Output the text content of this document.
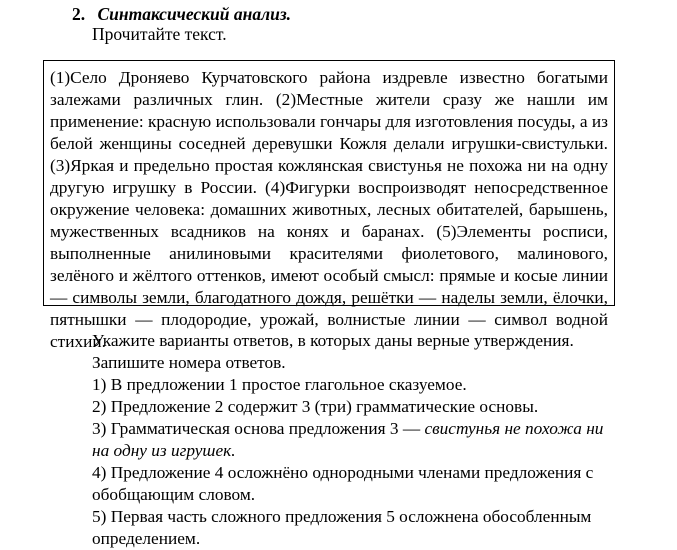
2. Синтаксический анализ.
Прочитайте текст.

(1)Село Дроняево Курчатовского района издревле известно богатыми залежами различных глин. (2)Местные жители сразу же нашли им применение: красную использовали гончары для изготовления посуды, а из белой женщины соседней деревушки Кожля делали игрушки-свистульки. (3)Яркая и предельно простая кожлянская свистунья не похожа ни на одну другую игрушку в России. (4)Фигурки воспроизводят непосредственное окружение человека: домашних животных, лесных обитателей, барышень, мужественных всадников на конях и баранах. (5)Элементы росписи, выполненные анилиновыми красителями фиолетового, малинового, зелёного и жёлтого оттенков, имеют особый смысл: прямые и косые линии — символы земли, благодатного дождя, решётки — наделы земли, ёлочки, пятнышки — плодородие, урожай, волнистые линии — символ водной стихии.

Укажите варианты ответов, в которых даны верные утверждения.
Запишите номера ответов.
1) В предложении 1 простое глагольное сказуемое.
2) Предложение 2 содержит 3 (три) грамматические основы.
3) Грамматическая основа предложения 3 — свистунья не похожа ни на одну из игрушек.
4) Предложение 4 осложнёно однородными членами предложения с обобщающим словом.
5) Первая часть сложного предложения 5 осложнена обособленным определением.
